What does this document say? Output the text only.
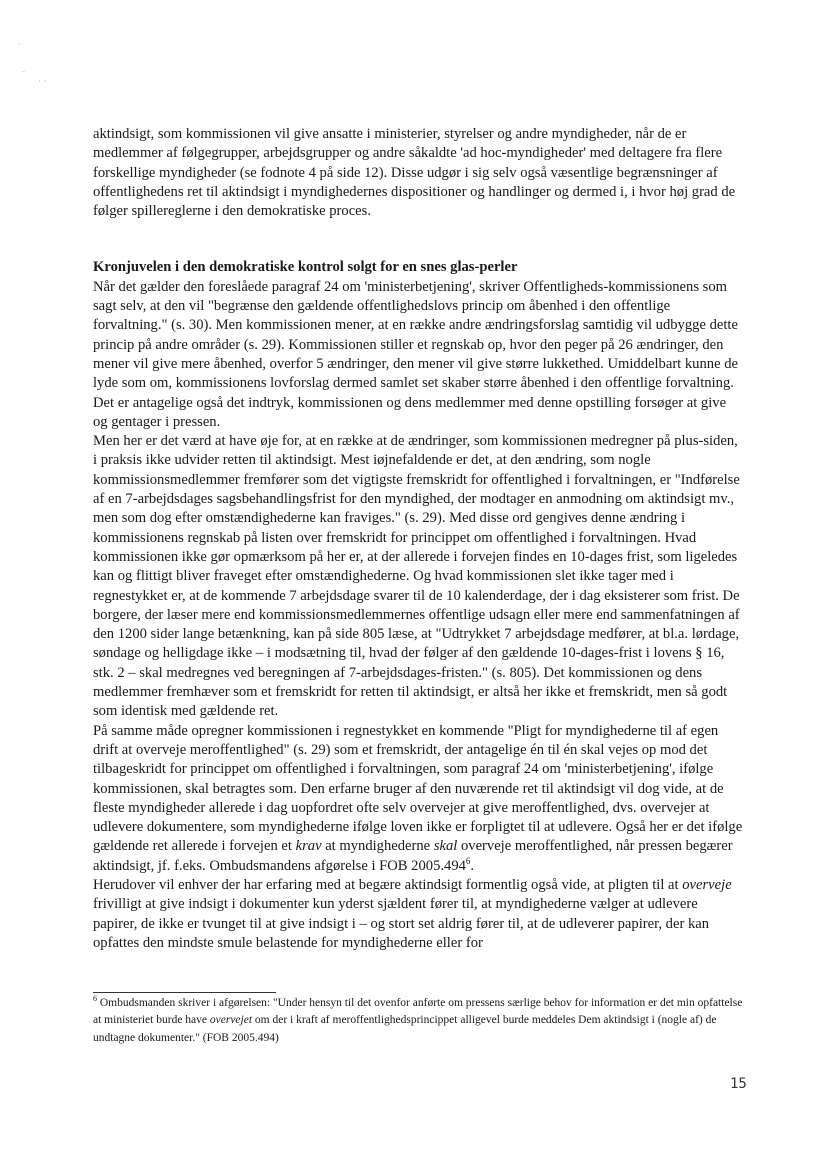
·
-
· ·

aktindsigt, som kommissionen vil give ansatte i ministerier, styrelser og andre myndigheder, når de er medlemmer af følgegrupper, arbejdsgrupper og andre såkaldte 'ad hoc-myndigheder' med deltagere fra flere forskellige myndigheder (se fodnote 4 på side 12). Disse udgør i sig selv også væsentlige begrænsninger af offentlighedens ret til aktindsigt i myndighedernes dispositioner og handlinger og dermed i, i hvor høj grad de følger spillereglerne i den demokratiske proces.

Kronjuvelen i den demokratiske kontrol solgt for en snes glas-perler

Når det gælder den foreslåede paragraf 24 om 'ministerbetjening', skriver Offentligheds-kommissionens som sagt selv, at den vil "begrænse den gældende offentlighedslovs princip om åbenhed i den offentlige forvaltning." (s. 30). Men kommissionen mener, at en række andre ændringsforslag samtidig vil udbygge dette princip på andre områder (s. 29). Kommissionen stiller et regnskab op, hvor den peger på 26 ændringer, den mener vil give mere åbenhed, overfor 5 ændringer, den mener vil give større lukkethed. Umiddelbart kunne de lyde som om, kommissionens lovforslag dermed samlet set skaber større åbenhed i den offentlige forvaltning. Det er antagelige også det indtryk, kommissionen og dens medlemmer med denne opstilling forsøger at give og gentager i pressen.

Men her er det værd at have øje for, at en række at de ændringer, som kommissionen medregner på plus-siden, i praksis ikke udvider retten til aktindsigt. Mest iøjnefaldende er det, at den ændring, som nogle kommissionsmedlemmer fremfører som det vigtigste fremskridt for offentlighed i forvaltningen, er "Indførelse af en 7-arbejdsdages sagsbehandlingsfrist for den myndighed, der modtager en anmodning om aktindsigt mv., men som dog efter omstændighederne kan fraviges." (s. 29). Med disse ord gengives denne ændring i kommissionens regnskab på listen over fremskridt for princippet om offentlighed i forvaltningen. Hvad kommissionen ikke gør opmærksom på her er, at der allerede i forvejen findes en 10-dages frist, som ligeledes kan og flittigt bliver fraveget efter omstændighederne. Og hvad kommissionen slet ikke tager med i regnestykket er, at de kommende 7 arbejdsdage svarer til de 10 kalenderdage, der i dag eksisterer som frist. De borgere, der læser mere end kommissionsmedlemmernes offentlige udsagn eller mere end sammenfatningen af den 1200 sider lange betænkning, kan på side 805 læse, at "Udtrykket 7 arbejdsdage medfører, at bl.a. lørdage, søndage og helligdage ikke – i modsætning til, hvad der følger af den gældende 10-dages-frist i lovens § 16, stk. 2 – skal medregnes ved beregningen af 7-arbejdsdages-fristen." (s. 805). Det kommissionen og dens medlemmer fremhæver som et fremskridt for retten til aktindsigt, er altså her ikke et fremskridt, men så godt som identisk med gældende ret.

På samme måde opregner kommissionen i regnestykket en kommende "Pligt for myndighederne til af egen drift at overveje meroffentlighed" (s. 29) som et fremskridt, der antagelige én til én skal vejes op mod det tilbageskridt for princippet om offentlighed i forvaltningen, som paragraf 24 om 'ministerbetjening', ifølge kommissionen, skal betragtes som. Den erfarne bruger af den nuværende ret til aktindsigt vil dog vide, at de fleste myndigheder allerede i dag uopfordret ofte selv overvejer at give meroffentlighed, dvs. overvejer at udlevere dokumentere, som myndighederne ifølge loven ikke er forpligtet til at udlevere. Også her er det ifølge gældende ret allerede i forvejen et krav at myndighederne skal overveje meroffentlighed, når pressen begærer aktindsigt, jf. f.eks. Ombudsmandens afgørelse i FOB 2005.494$^6$.

Herudover vil enhver der har erfaring med at begære aktindsigt formentlig også vide, at pligten til at overveje frivilligt at give indsigt i dokumenter kun yderst sjældent fører til, at myndighederne vælger at udlevere papirer, de ikke er tvunget til at give indsigt i – og stort set aldrig fører til, at de udleverer papirer, der kan opfattes den mindste smule belastende for myndighederne eller for

$^6$ Ombudsmanden skriver i afgørelsen: "Under hensyn til det ovenfor anførte om pressens særlige behov for information er det min opfattelse at ministeriet burde have overvejet om der i kraft af meroffentlighedsprincippet alligevel burde meddeles Dem aktindsigt i (nogle af) de undtagne dokumenter." (FOB 2005.494)

15
